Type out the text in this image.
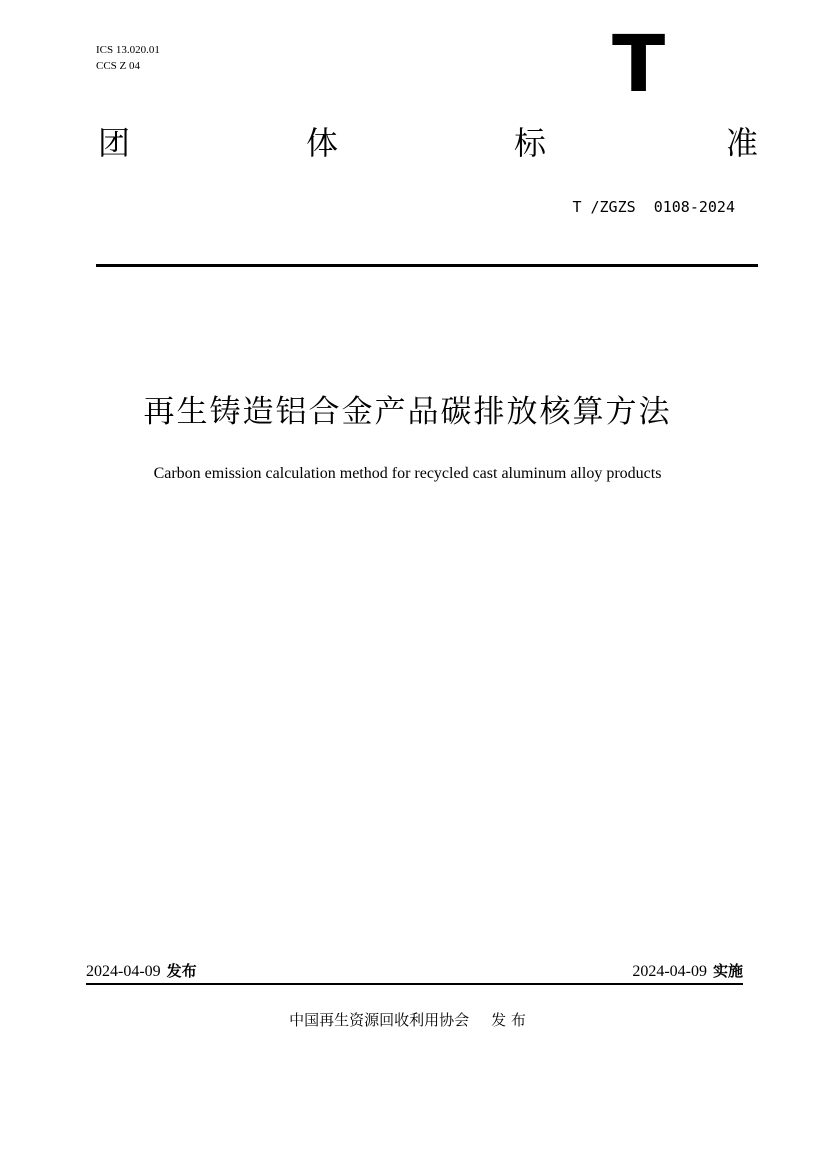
ICS 13.020.01
CCS Z 04	T
团	体	标	准
T /ZGZS  0108-2024
再生铸造铝合金产品碳排放核算方法
Carbon emission calculation method for recycled cast aluminum alloy products
2024-04-09 发布	2024-04-09 实施
中国再生资源回收利用协会 发 布
